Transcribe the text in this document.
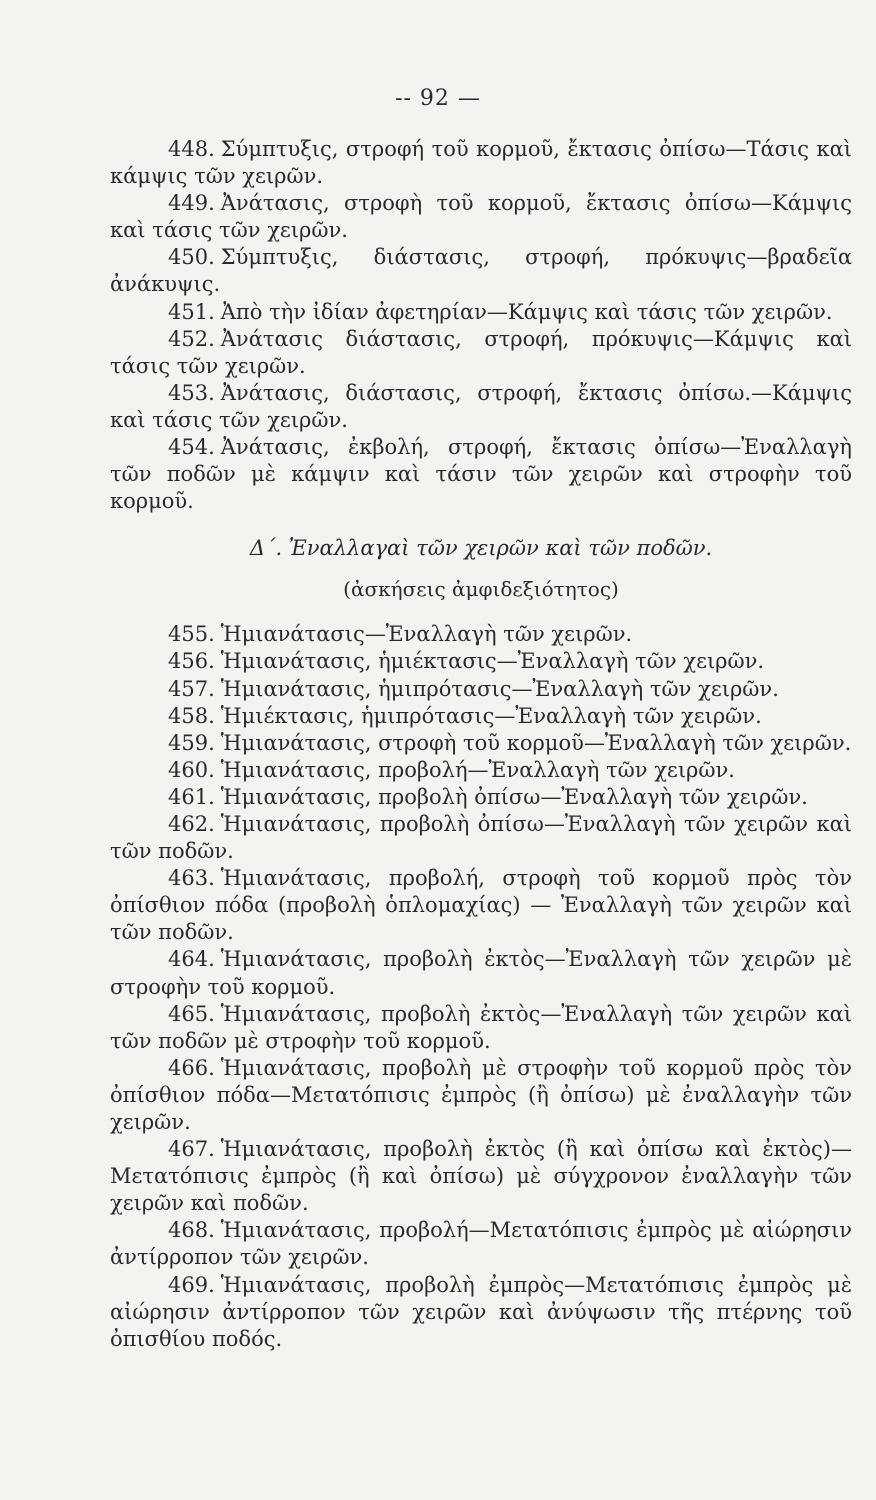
-- 92 —

448. Σύμπτυξις, στροφή τοῦ κορμοῦ, ἔκτασις ὀπίσω—Τάσις καὶ κάμψις τῶν χειρῶν.

449. Ἀνάτασις, στροφὴ τοῦ κορμοῦ, ἔκτασις ὀπίσω—Κάμψις καὶ τάσις τῶν χειρῶν.

450. Σύμπτυξις, διάστασις, στροφή, πρόκυψις—βραδεῖα ἀνάκυψις.

451. Ἀπὸ τὴν ἰδίαν ἀφετηρίαν—Κάμψις καὶ τάσις τῶν χειρῶν.

452. Ἀνάτασις διάστασις, στροφή, πρόκυψις—Κάμψις καὶ τάσις τῶν χειρῶν.

453. Ἀνάτασις, διάστασις, στροφή, ἔκτασις ὀπίσω.—Κάμψις καὶ τάσις τῶν χειρῶν.

454. Ἀνάτασις, ἐκβολή, στροφή, ἔκτασις ὀπίσω—Ἐναλλαγὴ τῶν ποδῶν μὲ κάμψιν καὶ τάσιν τῶν χειρῶν καὶ στροφὴν τοῦ κορμοῦ.

Δ΄. Ἐναλλαγαὶ τῶν χειρῶν καὶ τῶν ποδῶν.
(ἀσκήσεις ἀμφιδεξιότητος)

455. Ἡμιανάτασις—Ἐναλλαγὴ τῶν χειρῶν.

456. Ἡμιανάτασις, ἡμιέκτασις—Ἐναλλαγὴ τῶν χειρῶν.

457. Ἡμιανάτασις, ἡμιπρότασις—Ἐναλλαγὴ τῶν χειρῶν.

458. Ἡμιέκτασις, ἡμιπρότασις—Ἐναλλαγὴ τῶν χειρῶν.

459. Ἡμιανάτασις, στροφὴ τοῦ κορμοῦ—Ἐναλλαγὴ τῶν χειρῶν.

460. Ἡμιανάτασις, προβολή—Ἐναλλαγὴ τῶν χειρῶν.

461. Ἡμιανάτασις, προβολὴ ὀπίσω—Ἐναλλαγὴ τῶν χειρῶν.

462. Ἡμιανάτασις, προβολὴ ὀπίσω—Ἐναλλαγὴ τῶν χειρῶν καὶ τῶν ποδῶν.

463. Ἡμιανάτασις, προβολή, στροφὴ τοῦ κορμοῦ πρὸς τὸν ὀπίσθιον πόδα (προβολὴ ὁπλομαχίας) — Ἐναλλαγὴ τῶν χειρῶν καὶ τῶν ποδῶν.

464. Ἡμιανάτασις, προβολὴ ἐκτὸς—Ἐναλλαγὴ τῶν χειρῶν μὲ στροφὴν τοῦ κορμοῦ.

465. Ἡμιανάτασις, προβολὴ ἐκτὸς—Ἐναλλαγὴ τῶν χειρῶν καὶ τῶν ποδῶν μὲ στροφὴν τοῦ κορμοῦ.

466. Ἡμιανάτασις, προβολὴ μὲ στροφὴν τοῦ κορμοῦ πρὸς τὸν ὀπίσθιον πόδα—Μετατόπισις ἐμπρὸς (ἢ ὀπίσω) μὲ ἐναλλαγὴν τῶν χειρῶν.

467. Ἡμιανάτασις, προβολὴ ἐκτὸς (ἢ καὶ ὀπίσω καὶ ἐκτὸς)—Μετατόπισις ἐμπρὸς (ἢ καὶ ὀπίσω) μὲ σύγχρονον ἐναλλαγὴν τῶν χειρῶν καὶ ποδῶν.

468. Ἡμιανάτασις, προβολή—Μετατόπισις ἐμπρὸς μὲ αἰώρησιν ἀντίρροπον τῶν χειρῶν.

469. Ἡμιανάτασις, προβολὴ ἐμπρὸς—Μετατόπισις ἐμπρὸς μὲ αἰώρησιν ἀντίρροπον τῶν χειρῶν καὶ ἀνύψωσιν τῆς πτέρνης τοῦ ὀπισθίου ποδός.
